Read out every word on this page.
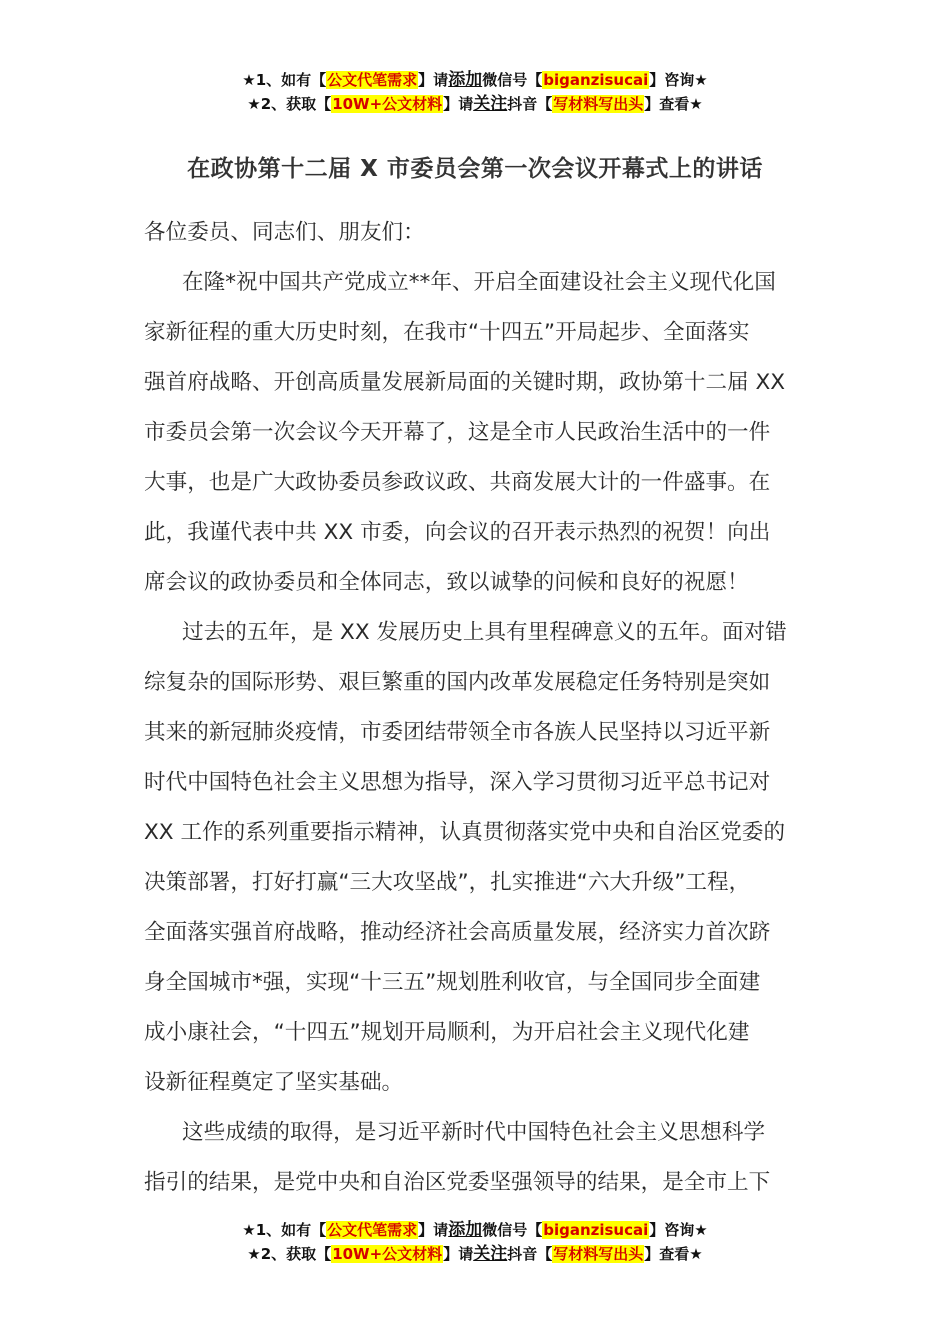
★1、如有【公文代笔需求】请添加微信号【biganzisucai】咨询★
★2、获取【10W+公文材料】请关注抖音【写材料写出头】查看★
在政协第十二届 X 市委员会第一次会议开幕式上的讲话

各位委员、同志们、朋友们：

在隆*祝中国共产党成立**年、开启全面建设社会主义现代化国
家新征程的重大历史时刻，在我市“十四五”开局起步、全面落实
强首府战略、开创高质量发展新局面的关键时期，政协第十二届 XX
市委员会第一次会议今天开幕了，这是全市人民政治生活中的一件
大事，也是广大政协委员参政议政、共商发展大计的一件盛事。在
此，我谨代表中共 XX 市委，向会议的召开表示热烈的祝贺！向出
席会议的政协委员和全体同志，致以诚挚的问候和良好的祝愿！

过去的五年，是 XX 发展历史上具有里程碑意义的五年。面对错
综复杂的国际形势、艰巨繁重的国内改革发展稳定任务特别是突如
其来的新冠肺炎疫情，市委团结带领全市各族人民坚持以习近平新
时代中国特色社会主义思想为指导，深入学习贯彻习近平总书记对
XX 工作的系列重要指示精神，认真贯彻落实党中央和自治区党委的
决策部署，打好打赢“三大攻坚战”，扎实推进“六大升级”工程，
全面落实强首府战略，推动经济社会高质量发展，经济实力首次跻
身全国城市*强，实现“十三五”规划胜利收官，与全国同步全面建
成小康社会，“十四五”规划开局顺利，为开启社会主义现代化建
设新征程奠定了坚实基础。

这些成绩的取得，是习近平新时代中国特色社会主义思想科学
指引的结果，是党中央和自治区党委坚强领导的结果，是全市上下

★1、如有【公文代笔需求】请添加微信号【biganzisucai】咨询★
★2、获取【10W+公文材料】请关注抖音【写材料写出头】查看★
